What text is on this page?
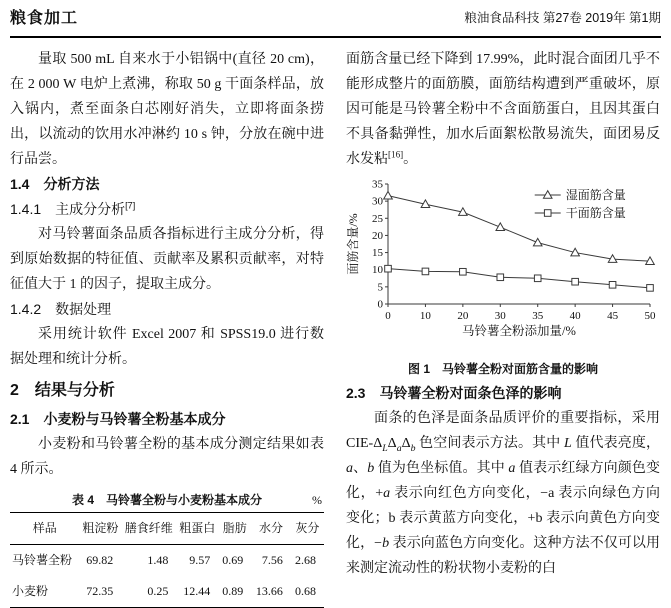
粮食加工	粮油食品科技 第27卷 2019年 第1期

量取 500 mL 自来水于小铝锅中(直径 20 cm)，在 2 000 W 电炉上煮沸，称取 50 g 干面条样品，放入锅内，煮至面条白芯刚好消失，立即将面条捞出，以流动的饮用水冲淋约 10 s 钟，分放在碗中进行品尝。

1.4　分析方法
1.4.1　主成分分析[7]

对马铃薯面条品质各指标进行主成分分析，得到原始数据的特征值、贡献率及累积贡献率，对特征值大于 1 的因子，提取主成分。

1.4.2　数据处理

采用统计软件 Excel 2007 和 SPSS19.0 进行数据处理和统计分析。

2　结果与分析
2.1　小麦粉与马铃薯全粉基本成分

小麦粉和马铃薯全粉的基本成分测定结果如表 4 所示。

表 4　马铃薯全粉与小麦粉基本成分	%
样品	粗淀粉	膳食纤维	粗蛋白	脂肪	水分	灰分
马铃薯全粉	69.82	1.48	9.57	0.69	7.56	2.68
小麦粉	72.35	0.25	12.44	0.89	13.66	0.68

面筋含量已经下降到 17.99%，此时混合面团几乎不能形成整片的面筋膜，面筋结构遭到严重破坏，原因可能是马铃薯全粉中不含面筋蛋白，且因其蛋白不具备黏弹性，加水后面絮松散易流失，面团易反水发粘[16]。

0
5
10
15
20
25
30
35
0	10 20 30 35 40 45 50
马铃薯全粉添加量/%
面筋含量/%
湿面筋含量
干面筋含量
图 1　马铃薯全粉对面筋含量的影响
2.3　马铃薯全粉对面条色泽的影响

面条的色泽是面条品质评价的重要指标，采用 CIE-$\Delta_L\Delta_a\Delta_b$ 色空间表示方法。其中 L 值代表亮度，a、b 值为色坐标值。其中 a 值表示红绿方向颜色变化，+a 表示向红色方向变化，−a 表示向绿色方向变化；b 表示黄蓝方向变化，+b 表示向黄色方向变化，−b 表示向蓝色方向变化。这种方法不仅可以用来测定流动性的粉状物小麦粉的白
